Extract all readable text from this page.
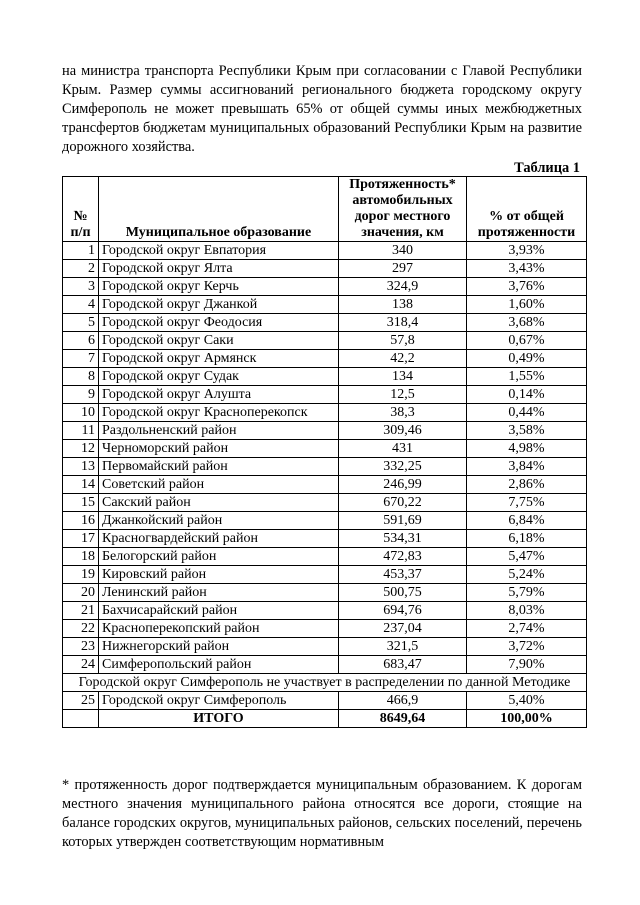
на министра транспорта Республики Крым при согласовании с Главой Республики Крым. Размер суммы ассигнований регионального бюджета городскому округу Симферополь не может превышать 65% от общей суммы иных межбюджетных трансфертов бюджетам муниципальных образований Республики Крым на развитие дорожного хозяйства.

Таблица 1
№ п/п	Муниципальное образование	Протяженность* автомобильных дорог местного значения, км	% от общей протяженности
1	Городской округ Евпатория	340	3,93%
2	Городской округ Ялта	297	3,43%
3	Городской округ Керчь	324,9	3,76%
4	Городской округ Джанкой	138	1,60%
5	Городской округ Феодосия	318,4	3,68%
6	Городской округ Саки	57,8	0,67%
7	Городской округ Армянск	42,2	0,49%
8	Городской округ Судак	134	1,55%
9	Городской округ Алушта	12,5	0,14%
10	Городской округ Красноперекопск	38,3	0,44%
11	Раздольненский район	309,46	3,58%
12	Черноморский район	431	4,98%
13	Первомайский район	332,25	3,84%
14	Советский район	246,99	2,86%
15	Сакский район	670,22	7,75%
16	Джанкойский район	591,69	6,84%
17	Красногвардейский район	534,31	6,18%
18	Белогорский район	472,83	5,47%
19	Кировский район	453,37	5,24%
20	Ленинский район	500,75	5,79%
21	Бахчисарайский район	694,76	8,03%
22	Красноперекопский район	237,04	2,74%
23	Нижнегорский район	321,5	3,72%
24	Симферопольский район	683,47	7,90%
Городской округ Симферополь не участвует в распределении по данной Методике			
25	Городской округ Симферополь	466,9	5,40%
	ИТОГО	8649,64	100,00%

* протяженность дорог подтверждается муниципальным образованием. К дорогам местного значения муниципального района относятся все дороги, стоящие на балансе городских округов, муниципальных районов, сельских поселений, перечень которых утвержден соответствующим нормативным
